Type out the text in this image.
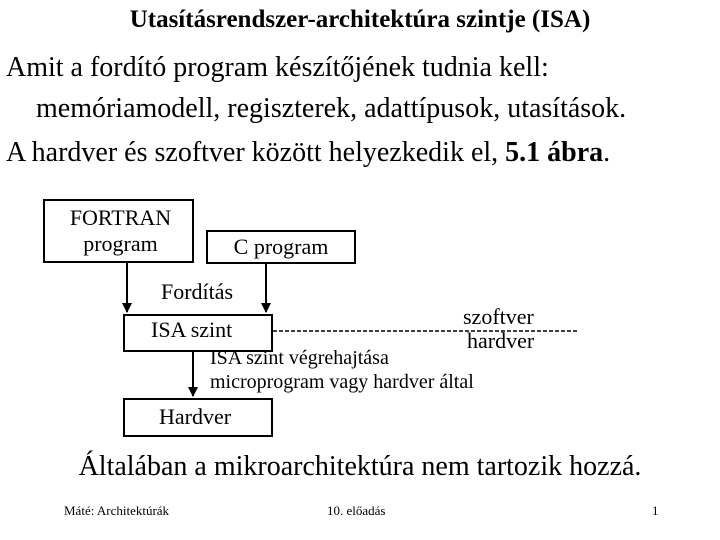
Utasításrendszer-architektúra szintje (ISA)
Amit a fordító program készítőjének tudnia kell:
memóriamodell, regiszterek, adattípusok, utasítások.
A hardver és szoftver között helyezkedik el, 5.1 ábra.
FORTRAN program	C program
ISA szint
Hardver
Fordítás
szoftver
hardver
ISA szint végrehajtása
microprogram vagy hardver által
Általában a mikroarchitektúra nem tartozik hozzá.
Máté: Architektúrák	10. előadás	1
